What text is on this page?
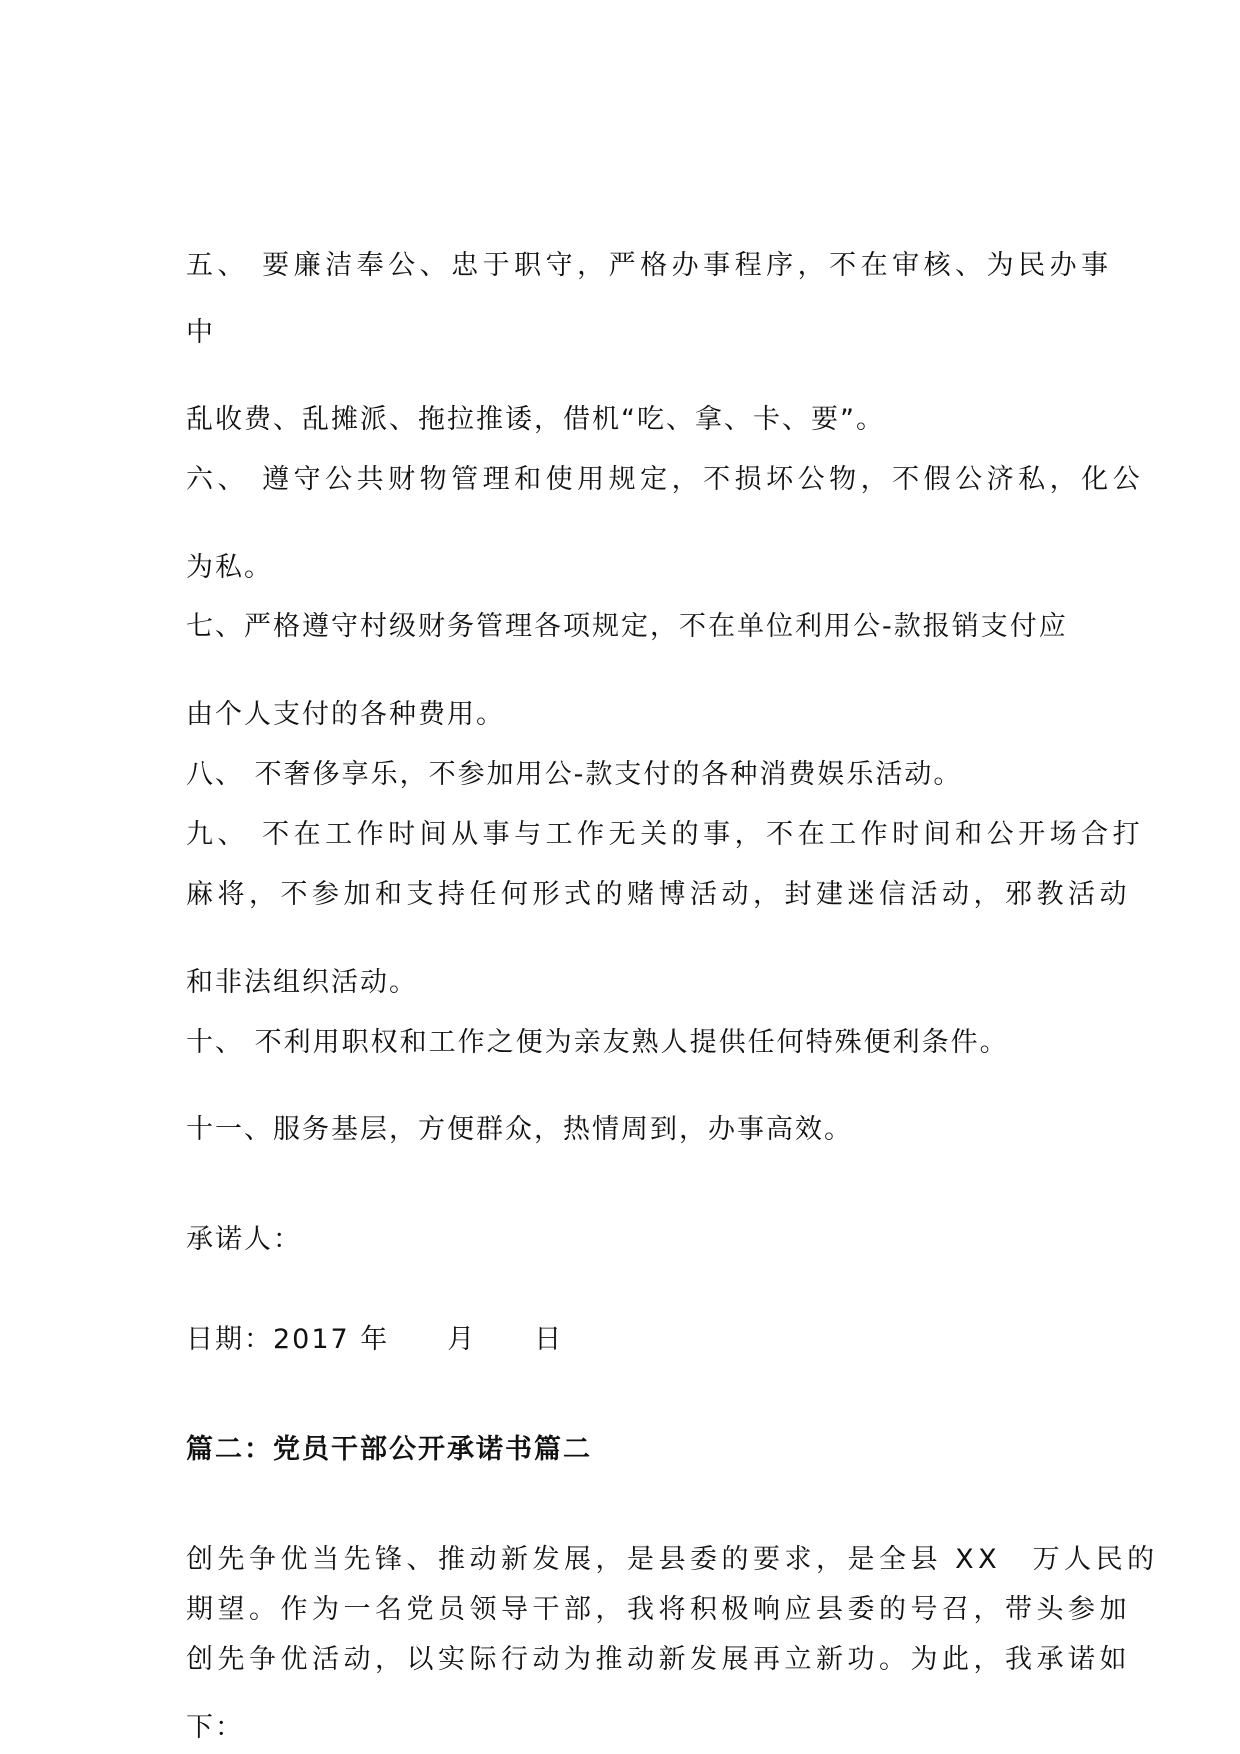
五、 要廉洁奉公、忠于职守，严格办事程序，不在审核、为民办事
中
乱收费、乱摊派、拖拉推诿，借机“吃、拿、卡、要”。
六、 遵守公共财物管理和使用规定，不损坏公物，不假公济私，化公
为私。
七、严格遵守村级财务管理各项规定，不在单位利用公-款报销支付应
由个人支付的各种费用。
八、 不奢侈享乐，不参加用公-款支付的各种消费娱乐活动。
九、 不在工作时间从事与工作无关的事，不在工作时间和公开场合打
麻将，不参加和支持任何形式的赌博活动，封建迷信活动，邪教活动
和非法组织活动。
十、 不利用职权和工作之便为亲友熟人提供任何特殊便利条件。
十一、服务基层，方便群众，热情周到，办事高效。
承诺人：
日期：2017 年　　月　　日
篇二：党员干部公开承诺书篇二
创先争优当先锋、推动新发展，是县委的要求，是全县 XX　万人民的
期望。作为一名党员领导干部，我将积极响应县委的号召，带头参加
创先争优活动，以实际行动为推动新发展再立新功。为此，我承诺如
下：
